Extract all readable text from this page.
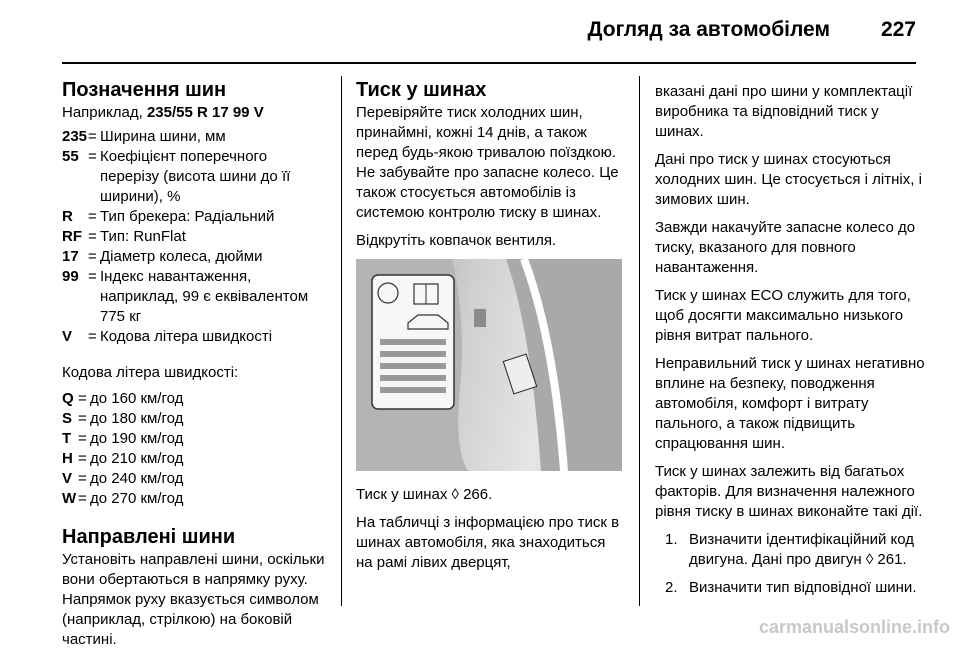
Догляд за автомобілем 227
Позначення шин

Наприклад, 235/55 R 17 99 V

235 = Ширина шини, мм
55 = Коефіцієнт поперечного перерізу (висота шини до її ширини), %
R	= Тип брекера: Радіальний
RF = Тип: RunFlat
17 = Діаметр колеса, дюйми
99 = Індекс навантаження, наприклад, 99 є еквівалентом 775 кг
V	= Кодова літера швидкості

Кодова літера швидкості:

Q = до 160 км/год
S = до 180 км/год
T = до 190 км/год
H = до 210 км/год
V = до 240 км/год
W = до 270 км/год
Направлені шини

Установіть направлені шини, оскільки вони обертаються в напрямку руху. Напрямок руху вказується символом (наприклад, стрілкою) на боковій частині.

Тиск у шинах

Перевіряйте тиск холодних шин, принаймні, кожні 14 днів, а також перед будь-якою тривалою поїздкою. Не забувайте про запасне колесо. Це також стосується автомобілів із системою контролю тиску в шинах.

Відкрутіть ковпачок вентиля.

Тиск у шинах ◊ 266.

На табличці з інформацією про тиск в шинах автомобіля, яка знаходиться на рамі лівих дверцят,

вказані дані про шини у комплектації виробника та відповідний тиск у шинах.

Дані про тиск у шинах стосуються холодних шин. Це стосується і літніх, і зимових шин.

Завжди накачуйте запасне колесо до тиску, вказаного для повного навантаження.

Тиск у шинах ECO служить для того, щоб досягти максимально низького рівня витрат пального.

Неправильний тиск у шинах негативно вплине на безпеку, поводження автомобіля, комфорт і витрату пального, а також підвищить спрацювання шин.

Тиск у шинах залежить від багатьох факторів. Для визначення належного рівня тиску в шинах виконайте такі дії.

1. Визначити ідентифікаційний код двигуна. Дані про двигун ◊ 261.
2. Визначити тип відповідної шини.
carmanualsonline.info
